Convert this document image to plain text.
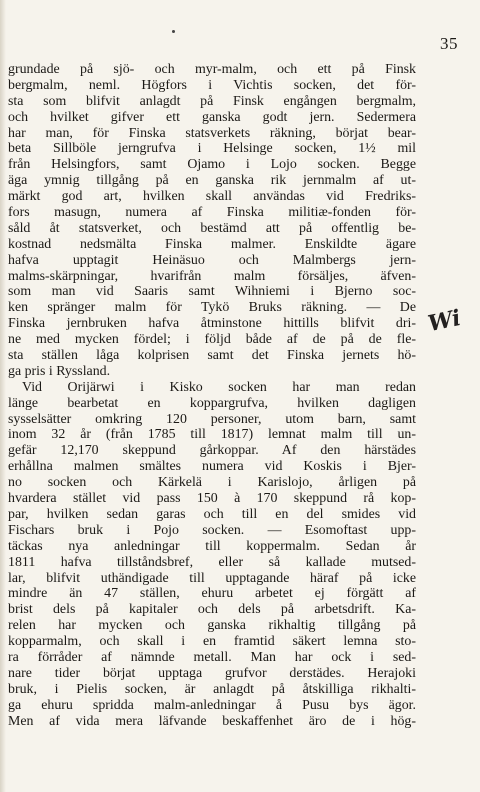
35
grundade på sjö- och myr-malm, och ett på Finsk
bergmalm, neml. Högfors i Vichtis socken, det för-
sta som blifvit anlagdt på Finsk engången bergmalm,
och hvilket gifver ett ganska godt jern. Sedermera
har man, för Finska statsverkets räkning, börjat bear-
beta Sillböle jerngrufva i Helsinge socken, 1½ mil
från Helsingfors, samt Ojamo i Lojo socken. Begge
äga ymnig tillgång på en ganska rik jernmalm af ut-
märkt god art, hvilken skall användas vid Fredriks-
fors masugn, numera af Finska militiæ-fonden för-
såld åt statsverket, och bestämd att på offentlig be-
kostnad nedsmälta Finska malmer. Enskildte ägare
hafva upptagit Heinäsuo och Malmbergs jern-
malms-skärpningar, hvarifrån malm försäljes, äfven-
som man vid Saaris samt Wihniemi i Bjerno soc-
ken spränger malm för Tykö Bruks räkning. — De
Finska jernbruken hafva åtminstone hittills blifvit dri-
ne med mycken fördel; i följd både af de på de fle-
sta ställen låga kolprisen samt det Finska jernets hö-
ga pris i Ryssland.
Vid Orijärwi i Kisko socken har man redan
länge bearbetat en koppargrufva, hvilken dagligen
sysselsätter omkring 120 personer, utom barn, samt
inom 32 år (från 1785 till 1817) lemnat malm till un-
gefär 12,170 skeppund gårkoppar. Af den härstädes
erhållna malmen smältes numera vid Koskis i Bjer-
no socken och Kärkelä i Karislojo, årligen på
hvardera stället vid pass 150 à 170 skeppund rå kop-
par, hvilken sedan garas och till en del smides vid
Fischars bruk i Pojo socken. — Esomoftast upp-
täckas nya anledningar till koppermalm. Sedan år
1811 hafva tillståndsbref, eller så kallade mutsed-
lar, blifvit uthändigade till upptagande häraf på icke
mindre än 47 ställen, ehuru arbetet ej förgätt af
brist dels på kapitaler och dels på arbetsdrift. Ka-
relen har mycken och ganska rikhaltig tillgång på
kopparmalm, och skall i en framtid säkert lemna sto-
ra förråder af nämnde metall. Man har ock i sed-
nare tider börjat upptaga grufvor derstädes. Herajoki
bruk, i Pielis socken, är anlagdt på åtskilliga rikhalti-
ga ehuru spridda malm-anledningar å Pusu bys ägor.
Men af vida mera läfvande beskaffenhet äro de i hög-
Wi
